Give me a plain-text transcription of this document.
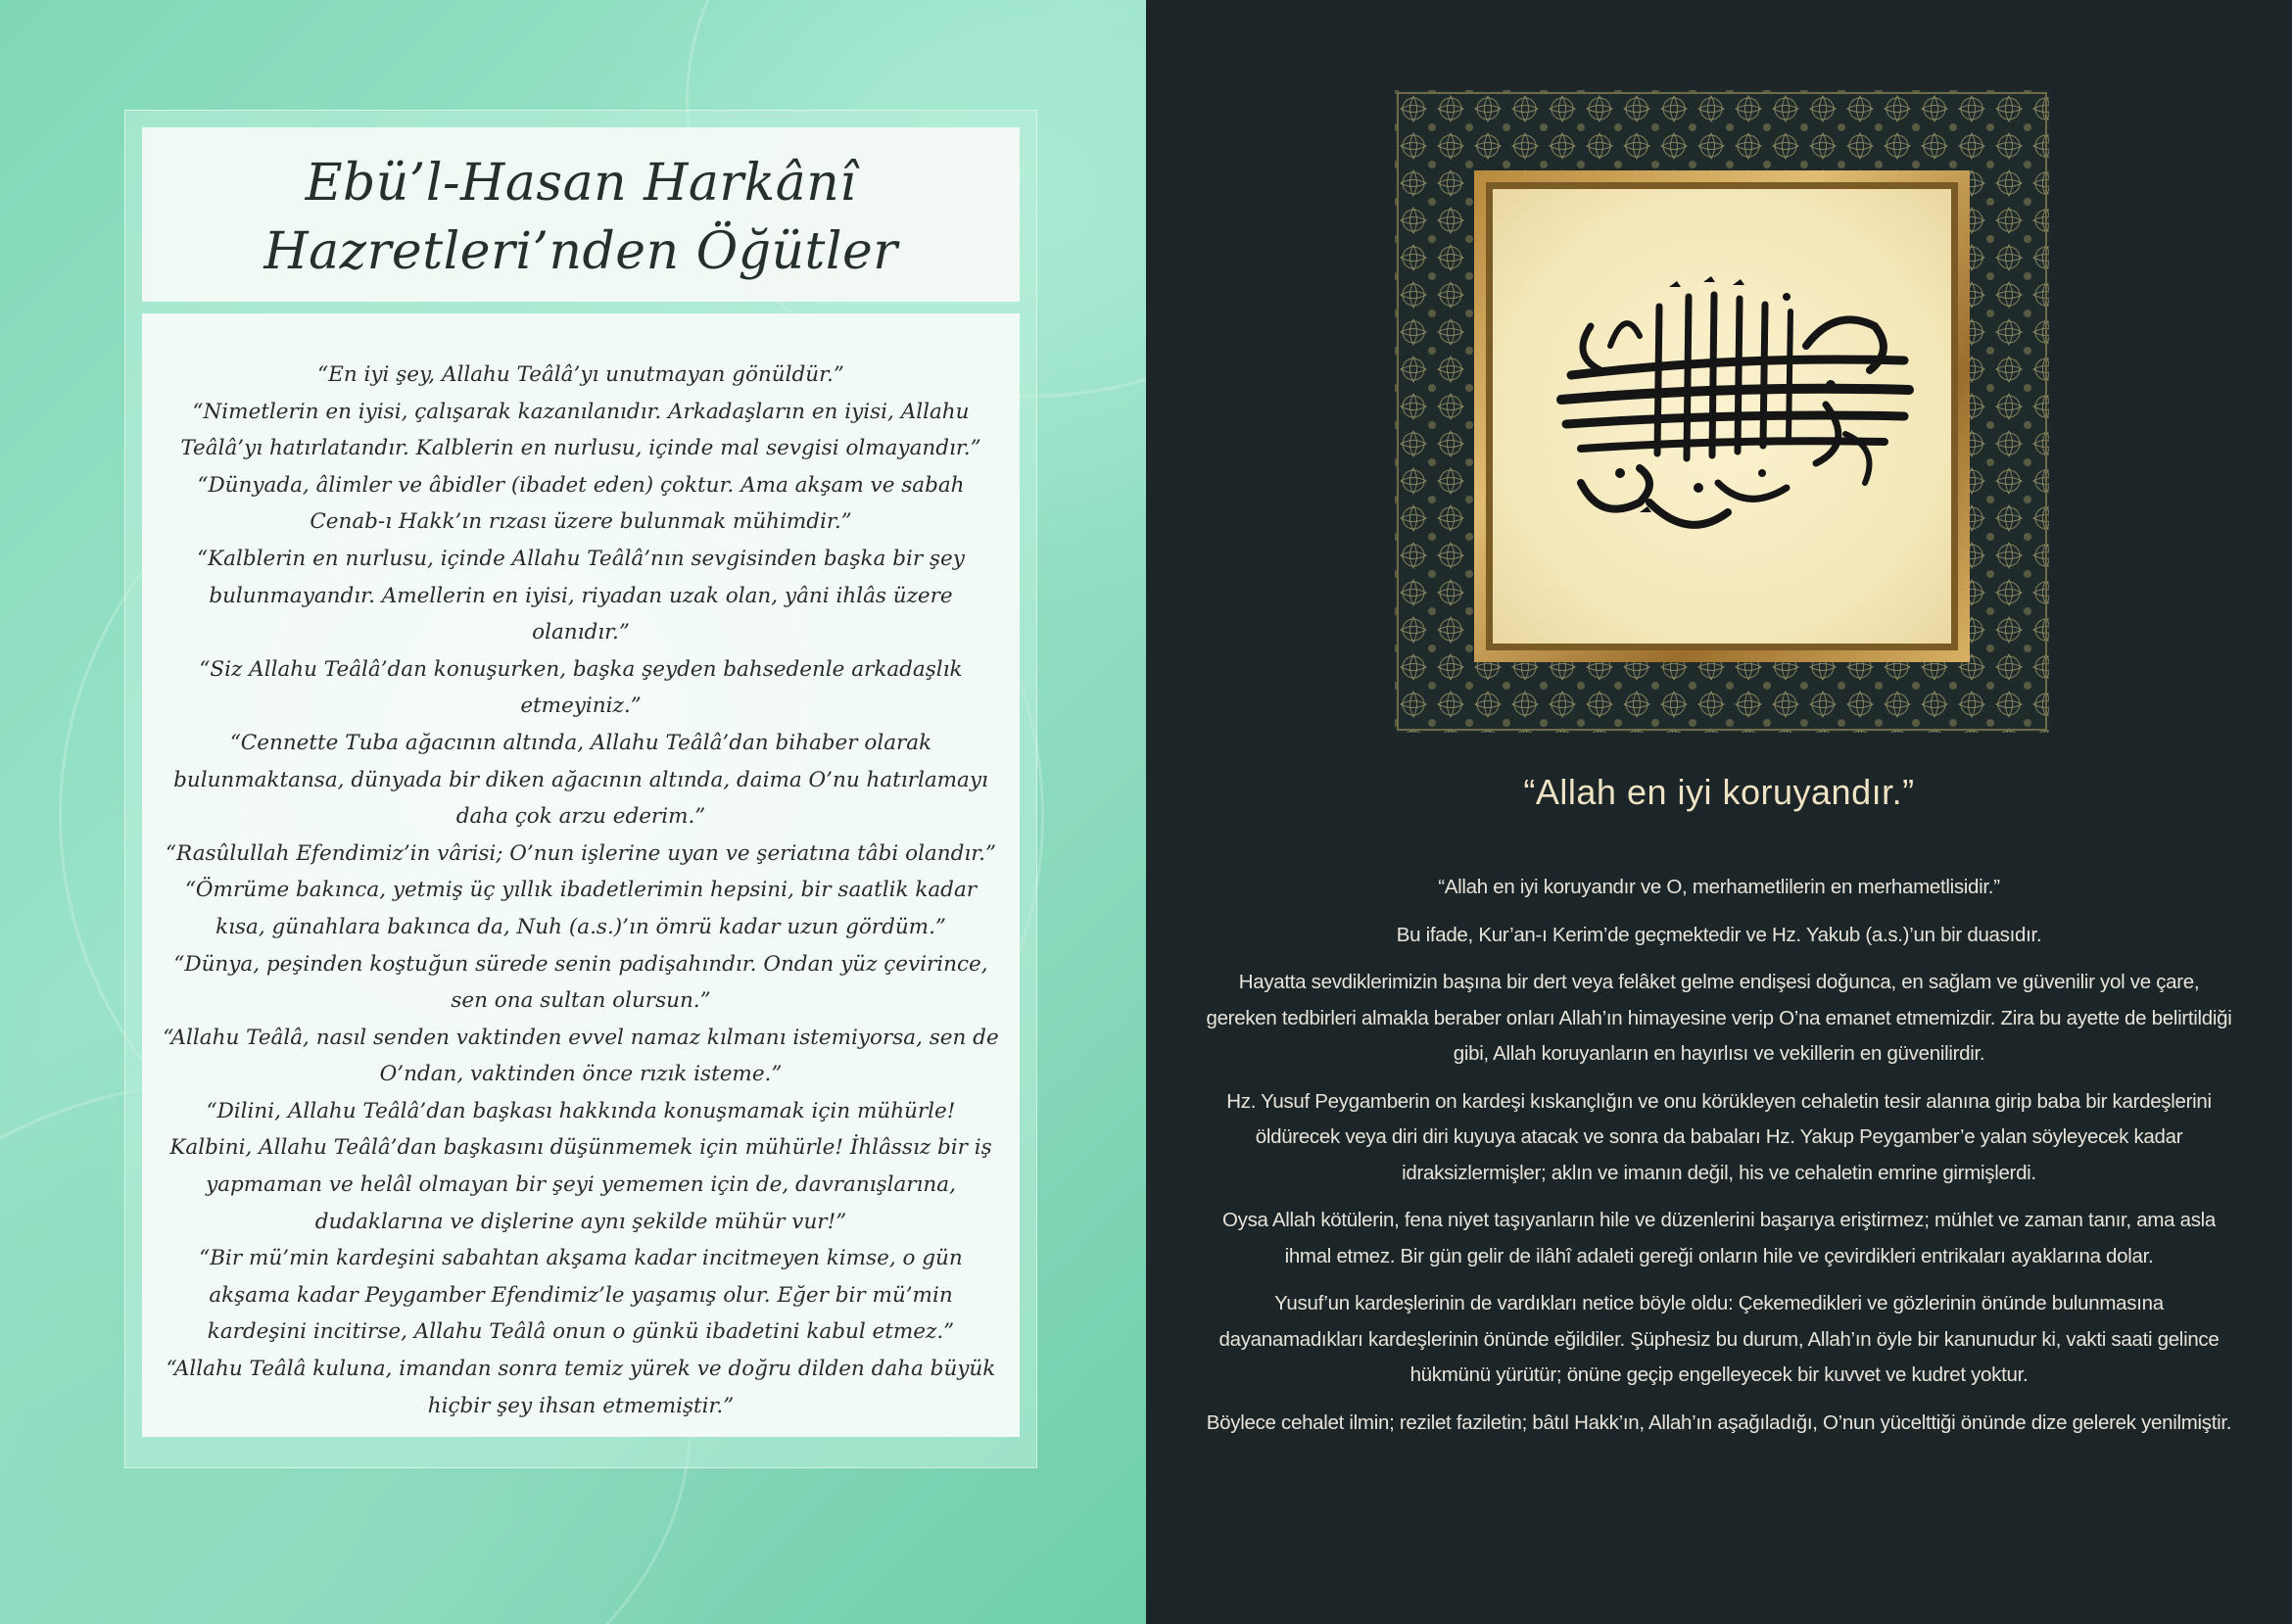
Ebü’l-Hasan Harkânî
Hazretleri’nden Öğütler

“En iyi şey, Allahu Teâlâ’yı unutmayan gönüldür.”

“Nimetlerin en iyisi, çalışarak kazanılanıdır. Arkadaşların en iyisi, Allahu Teâlâ’yı hatırlatandır. Kalblerin en nurlusu, içinde mal sevgisi olmayandır.”

“Dünyada, âlimler ve âbidler (ibadet eden) çoktur. Ama akşam ve sabah Cenab-ı Hakk’ın rızası üzere bulunmak mühimdir.”

“Kalblerin en nurlusu, içinde Allahu Teâlâ’nın sevgisinden başka bir şey bulunmayandır. Amellerin en iyisi, riyadan uzak olan, yâni ihlâs üzere olanıdır.”

“Siz Allahu Teâlâ’dan konuşurken, başka şeyden bahsedenle arkadaşlık etmeyiniz.”

“Cennette Tuba ağacının altında, Allahu Teâlâ’dan bihaber olarak bulunmaktansa, dünyada bir diken ağacının altında, daima O’nu hatırlamayı daha çok arzu ederim.”

“Rasûlullah Efendimiz’in vârisi; O’nun işlerine uyan ve şeriatına tâbi olandır.”

“Ömrüme bakınca, yetmiş üç yıllık ibadetlerimin hepsini, bir saatlik kadar kısa, günahlara bakınca da, Nuh (a.s.)’ın ömrü kadar uzun gördüm.”

“Dünya, peşinden koştuğun sürede senin padişahındır. Ondan yüz çevirince, sen ona sultan olursun.”

“Allahu Teâlâ, nasıl senden vaktinden evvel namaz kılmanı istemiyorsa, sen de O’ndan, vaktinden önce rızık isteme.”

“Dilini, Allahu Teâlâ’dan başkası hakkında konuşmamak için mühürle! Kalbini, Allahu Teâlâ’dan başkasını düşünmemek için mühürle! İhlâssız bir iş yapmaman ve helâl olmayan bir şeyi yememen için de, davranışlarına, dudaklarına ve dişlerine aynı şekilde mühür vur!”

“Bir mü’min kardeşini sabahtan akşama kadar incitmeyen kimse, o gün akşama kadar Peygamber Efendimiz’le yaşamış olur. Eğer bir mü’min kardeşini incitirse, Allahu Teâlâ onun o günkü ibadetini kabul etmez.”

“Allahu Teâlâ kuluna, imandan sonra temiz yürek ve doğru dilden daha büyük hiçbir şey ihsan etmemiştir.”

“Allah en iyi koruyandır.”

“Allah en iyi koruyandır ve O, merhametlilerin en merhametlisidir.”

Bu ifade, Kur’an-ı Kerim’de geçmektedir ve Hz. Yakub (a.s.)’un bir duasıdır.

Hayatta sevdiklerimizin başına bir dert veya felâket gelme endişesi doğunca, en sağlam ve güvenilir yol ve çare, gereken tedbirleri almakla beraber onları Allah’ın himayesine verip O’na emanet etmemizdir. Zira bu ayette de belirtildiği gibi, Allah koruyanların en hayırlısı ve vekillerin en güvenilirdir.

Hz. Yusuf Peygamberin on kardeşi kıskançlığın ve onu körükleyen cehaletin tesir alanına girip baba bir kardeşlerini öldürecek veya diri diri kuyuya atacak ve sonra da babaları Hz. Yakup Peygamber’e yalan söyleyecek kadar idraksizlermişler; aklın ve imanın değil, his ve cehaletin emrine girmişlerdi.

Oysa Allah kötülerin, fena niyet taşıyanların hile ve düzenlerini başarıya eriştirmez; mühlet ve zaman tanır, ama asla ihmal etmez. Bir gün gelir de ilâhî adaleti gereği onların hile ve çevirdikleri entrikaları ayaklarına dolar.

Yusuf’un kardeşlerinin de vardıkları netice böyle oldu: Çekemedikleri ve gözlerinin önünde bulunmasına dayanamadıkları kardeşlerinin önünde eğildiler. Şüphesiz bu durum, Allah’ın öyle bir kanunudur ki, vakti saati gelince hükmünü yürütür; önüne geçip engelleyecek bir kuvvet ve kudret yoktur.

Böylece cehalet ilmin; rezilet faziletin; bâtıl Hakk’ın, Allah’ın aşağıladığı, O’nun yücelttiği önünde dize gelerek yenilmiştir.
